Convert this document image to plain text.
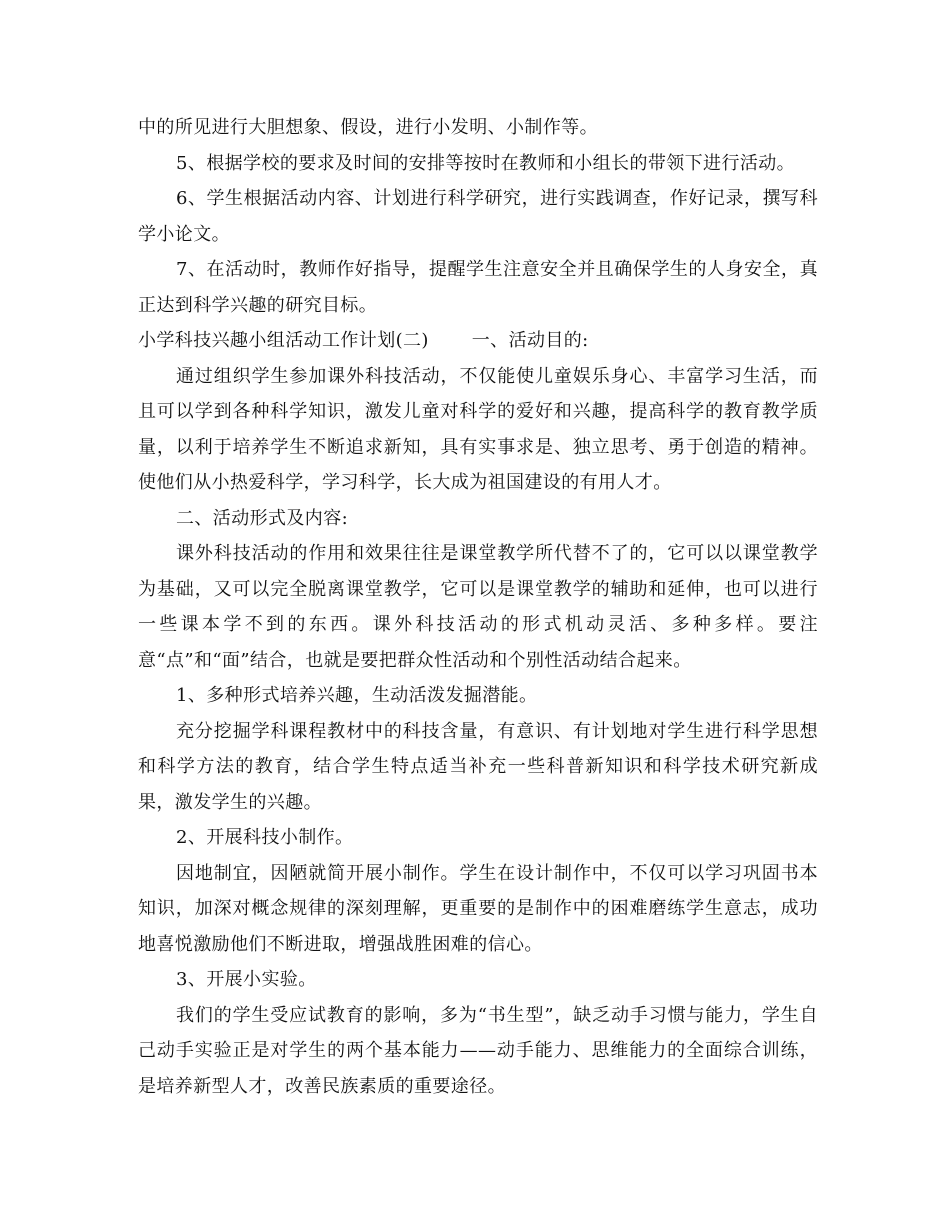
中的所见进行大胆想象、假设，进行小发明、小制作等。

5、根据学校的要求及时间的安排等按时在教师和小组长的带领下进行活动。

6、学生根据活动内容、计划进行科学研究，进行实践调查，作好记录，撰写科学小论文。

7、在活动时，教师作好指导，提醒学生注意安全并且确保学生的人身安全，真正达到科学兴趣的研究目标。

小学科技兴趣小组活动工作计划(二)　　 一、活动目的:

通过组织学生参加课外科技活动，不仅能使儿童娱乐身心、丰富学习生活，而且可以学到各种科学知识，激发儿童对科学的爱好和兴趣，提高科学的教育教学质量，以利于培养学生不断追求新知，具有实事求是、独立思考、勇于创造的精神。使他们从小热爱科学，学习科学，长大成为祖国建设的有用人才。

二、活动形式及内容:

课外科技活动的作用和效果往往是课堂教学所代替不了的，它可以以课堂教学为基础，又可以完全脱离课堂教学，它可以是课堂教学的辅助和延伸，也可以进行一些课本学不到的东西。课外科技活动的形式机动灵活、多种多样。要注意“点”和“面”结合，也就是要把群众性活动和个别性活动结合起来。

1、多种形式培养兴趣，生动活泼发掘潜能。

充分挖掘学科课程教材中的科技含量，有意识、有计划地对学生进行科学思想和科学方法的教育，结合学生特点适当补充一些科普新知识和科学技术研究新成果，激发学生的兴趣。

2、开展科技小制作。

因地制宜，因陋就简开展小制作。学生在设计制作中，不仅可以学习巩固书本知识，加深对概念规律的深刻理解，更重要的是制作中的困难磨练学生意志，成功地喜悦激励他们不断进取，增强战胜困难的信心。

3、开展小实验。

我们的学生受应试教育的影响，多为“书生型”，缺乏动手习惯与能力，学生自己动手实验正是对学生的两个基本能力——动手能力、思维能力的全面综合训练，是培养新型人才，改善民族素质的重要途径。
